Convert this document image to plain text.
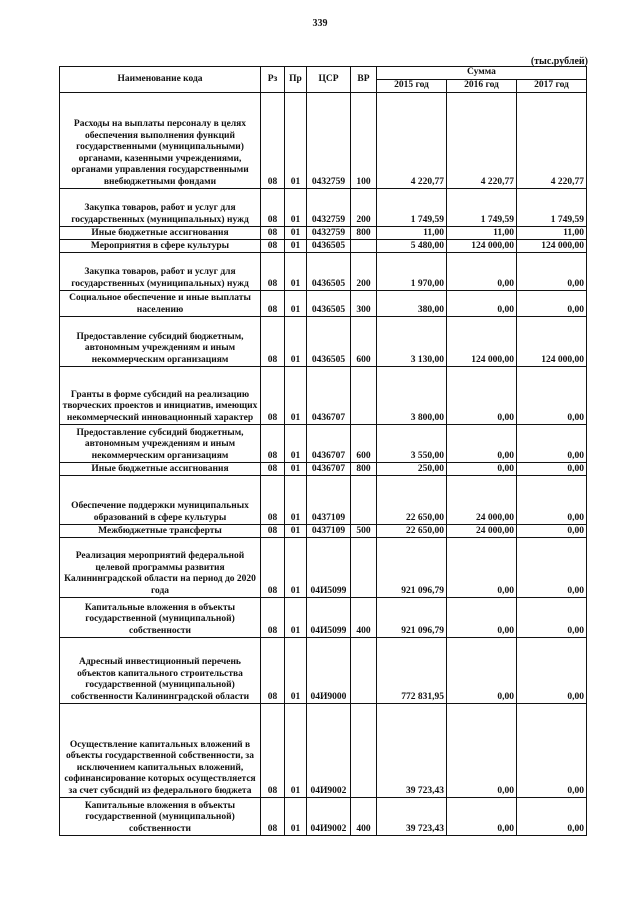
339
(тыс.рублей)
Наименование кода	Рз	Пр	ЦСР	ВР	Сумма		
					2015 год	2016 год	2017 год
Расходы на выплаты персоналу в целях обеспечения выполнения функций государственными (муниципальными) органами, казенными учреждениями, органами управления государственными внебюджетными фондами	08	01	0432759	100	4 220,77	4 220,77	4 220,77
Закупка товаров, работ и услуг для государственных (муниципальных) нужд	08	01	0432759	200	1 749,59	1 749,59	1 749,59
Иные бюджетные ассигнования	08	01	0432759	800	11,00	11,00	11,00
Мероприятия в сфере культуры	08	01	0436505		5 480,00	124 000,00	124 000,00
Закупка товаров, работ и услуг для государственных (муниципальных) нужд	08	01	0436505	200	1 970,00	0,00	0,00
Социальное обеспечение и иные выплаты населению	08	01	0436505	300	380,00	0,00	0,00
Предоставление субсидий бюджетным, автономным учреждениям и иным некоммерческим организациям	08	01	0436505	600	3 130,00	124 000,00	124 000,00
Гранты в форме субсидий на реализацию творческих проектов и инициатив, имеющих некоммерческий инновационный характер	08	01	0436707		3 800,00	0,00	0,00
Предоставление субсидий бюджетным, автономным учреждениям и иным некоммерческим организациям	08	01	0436707	600	3 550,00	0,00	0,00
Иные бюджетные ассигнования	08	01	0436707	800	250,00	0,00	0,00
Обеспечение поддержки муниципальных образований в сфере культуры	08	01	0437109		22 650,00	24 000,00	0,00
Межбюджетные трансферты	08	01	0437109	500	22 650,00	24 000,00	0,00
Реализация мероприятий федеральной целевой программы развития Калининградской области на период до 2020 года	08	01	04И5099		921 096,79	0,00	0,00
Капитальные вложения в объекты государственной (муниципальной) собственности	08	01	04И5099	400	921 096,79	0,00	0,00
Адресный инвестиционный перечень объектов капитального строительства государственной (муниципальной) собственности Калининградской области	08	01	04И9000		772 831,95	0,00	0,00
Осуществление капитальных вложений в объекты государственной собственности, за исключением капитальных вложений, софинансирование которых осуществляется за счет субсидий из федерального бюджета	08	01	04И9002		39 723,43	0,00	0,00
Капитальные вложения в объекты государственной (муниципальной) собственности	08	01	04И9002	400	39 723,43	0,00	0,00
